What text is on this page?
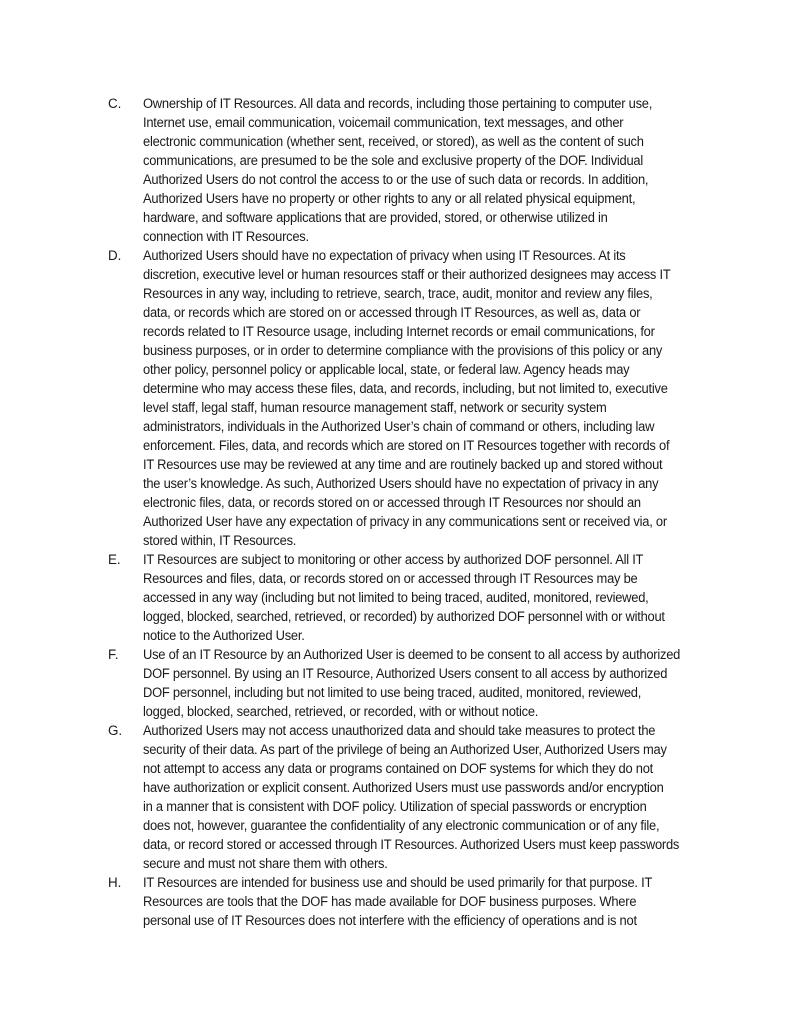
C. Ownership of IT Resources. All data and records, including those pertaining to computer use,
Internet use, email communication, voicemail communication, text messages, and other
electronic communication (whether sent, received, or stored), as well as the content of such
communications, are presumed to be the sole and exclusive property of the DOF. Individual
Authorized Users do not control the access to or the use of such data or records. In addition,
Authorized Users have no property or other rights to any or all related physical equipment,
hardware, and software applications that are provided, stored, or otherwise utilized in
connection with IT Resources.
D. Authorized Users should have no expectation of privacy when using IT Resources. At its
discretion, executive level or human resources staff or their authorized designees may access IT
Resources in any way, including to retrieve, search, trace, audit, monitor and review any files,
data, or records which are stored on or accessed through IT Resources, as well as, data or
records related to IT Resource usage, including Internet records or email communications, for
business purposes, or in order to determine compliance with the provisions of this policy or any
other policy, personnel policy or applicable local, state, or federal law. Agency heads may
determine who may access these files, data, and records, including, but not limited to, executive
level staff, legal staff, human resource management staff, network or security system
administrators, individuals in the Authorized User’s chain of command or others, including law
enforcement. Files, data, and records which are stored on IT Resources together with records of
IT Resources use may be reviewed at any time and are routinely backed up and stored without
the user’s knowledge. As such, Authorized Users should have no expectation of privacy in any
electronic files, data, or records stored on or accessed through IT Resources nor should an
Authorized User have any expectation of privacy in any communications sent or received via, or
stored within, IT Resources.
E. IT Resources are subject to monitoring or other access by authorized DOF personnel. All IT
Resources and files, data, or records stored on or accessed through IT Resources may be
accessed in any way (including but not limited to being traced, audited, monitored, reviewed,
logged, blocked, searched, retrieved, or recorded) by authorized DOF personnel with or without
notice to the Authorized User.
F. Use of an IT Resource by an Authorized User is deemed to be consent to all access by authorized
DOF personnel. By using an IT Resource, Authorized Users consent to all access by authorized
DOF personnel, including but not limited to use being traced, audited, monitored, reviewed,
logged, blocked, searched, retrieved, or recorded, with or without notice.
G. Authorized Users may not access unauthorized data and should take measures to protect the
security of their data. As part of the privilege of being an Authorized User, Authorized Users may
not attempt to access any data or programs contained on DOF systems for which they do not
have authorization or explicit consent. Authorized Users must use passwords and/or encryption
in a manner that is consistent with DOF policy. Utilization of special passwords or encryption
does not, however, guarantee the confidentiality of any electronic communication or of any file,
data, or record stored or accessed through IT Resources. Authorized Users must keep passwords
secure and must not share them with others.
H. IT Resources are intended for business use and should be used primarily for that purpose. IT
Resources are tools that the DOF has made available for DOF business purposes. Where
personal use of IT Resources does not interfere with the efficiency of operations and is not
